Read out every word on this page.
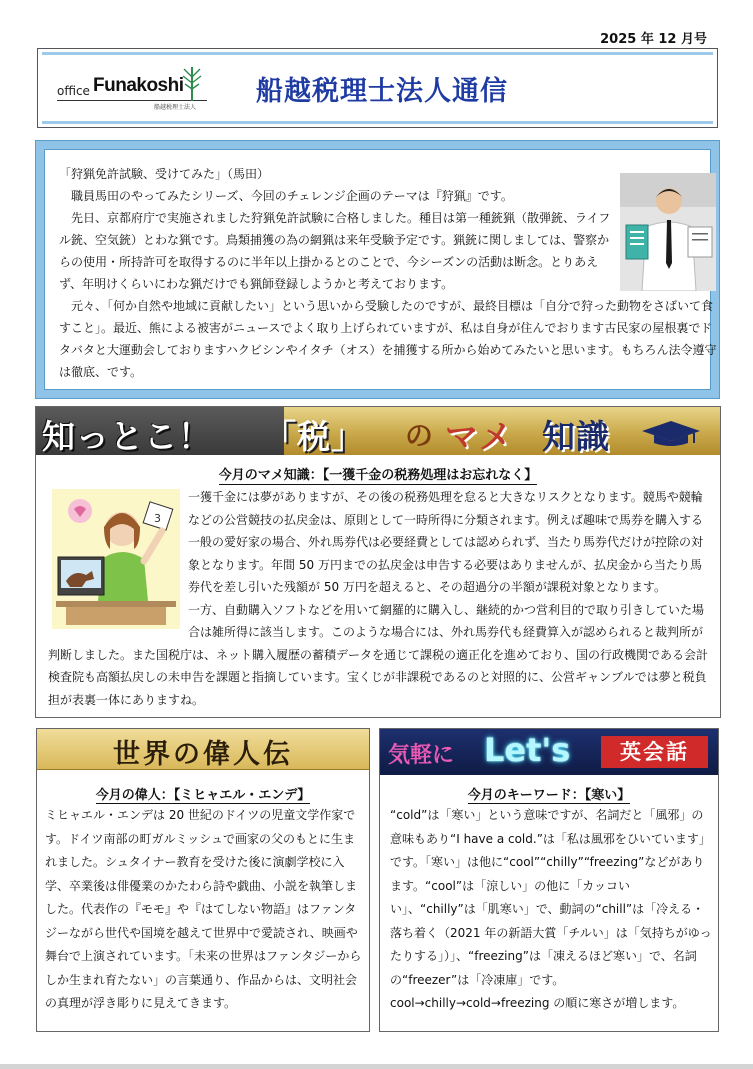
2025 年 12 月号
office Funakoshi
船越税理士法人
船越税理士法人通信

「狩猟免許試験、受けてみた」（馬田）

　職員馬田のやってみたシリーズ、今回のチェレンジ企画のテーマは『狩猟』です。

　先日、京都府庁で実施されました狩猟免許試験に合格しました。種目は第一種銃猟（散弾銃、ライフル銃、空気銃）とわな猟です。鳥類捕獲の為の網猟は来年受験予定です。猟銃に関しましては、警察からの使用・所持許可を取得するのに半年以上掛かるとのことで、今シーズンの活動は断念。とりあえず、年明けくらいにわな猟だけでも猟師登録しようかと考えております。

　元々、「何か自然や地域に貢献したい」という思いから受験したのですが、最終目標は「自分で狩った動物をさばいて食すこと」。最近、熊による被害がニュースでよく取り上げられていますが、私は自身が住んでおります古民家の屋根裏でドタバタと大運動会しておりますハクビシンやイタチ（オス）を捕獲する所から始めてみたいと思います。もちろん法令遵守は徹底、です。

知っとこ！ 「税」 の マメ 知識
今月のマメ知識：【一獲千金の税務処理はお忘れなく】
3

一獲千金には夢がありますが、その後の税務処理を怠ると大きなリスクとなります。競馬や競輪などの公営競技の払戻金は、原則として一時所得に分類されます。例えば趣味で馬券を購入する一般の愛好家の場合、外れ馬券代は必要経費としては認められず、当たり馬券代だけが控除の対象となります。年間 50 万円までの払戻金は申告する必要はありませんが、払戻金から当たり馬券代を差し引いた残額が 50 万円を超えると、その超過分の半額が課税対象となります。

一方、自動購入ソフトなどを用いて網羅的に購入し、継続的かつ営利目的で取り引きしていた場合は雑所得に該当します。このような場合には、外れ馬券代も経費算入が認められると裁判所が判断しました。また国税庁は、ネット購入履歴の蓄積データを通じて課税の適正化を進めており、国の行政機関である会計検査院も高額払戻しの未申告を課題と指摘しています。宝くじが非課税であるのと対照的に、公営ギャンブルでは夢と税負担が表裏一体にありますね。

世界の偉人伝
今月の偉人：【ミヒャエル・エンデ】
ミヒャエル・エンデは 20 世紀のドイツの児童文学作家です。ドイツ南部の町ガルミッシュで画家の父のもとに生まれました。シュタイナー教育を受けた後に演劇学校に入学、卒業後は俳優業のかたわら詩や戯曲、小説を執筆しました。代表作の『モモ』や『はてしない物語』はファンタジーながら世代や国境を越えて世界中で愛読され、映画や舞台で上演されています。「未来の世界はファンタジーからしか生まれ育たない」の言葉通り、作品からは、文明社会の真理が浮き彫りに見えてきます。
気軽に Let's	英会話
今月のキーワード：【寒い】
“cold”は「寒い」という意味ですが、名詞だと「風邪」の意味もあり“I have a cold.”は「私は風邪をひいています」です。「寒い」は他に“cool”“chilly”“freezing”などがあります。“cool”は「涼しい」の他に「カッコいい」、“chilly”は「肌寒い」で、動詞の“chill”は「冷える・落ち着く（2021 年の新語大賞「チルい」は「気持ちがゆったりする」）」、“freezing”は「凍えるほど寒い」で、名詞の“freezer”は「冷凍庫」です。cool→chilly→cold→freezing の順に寒さが増します。
